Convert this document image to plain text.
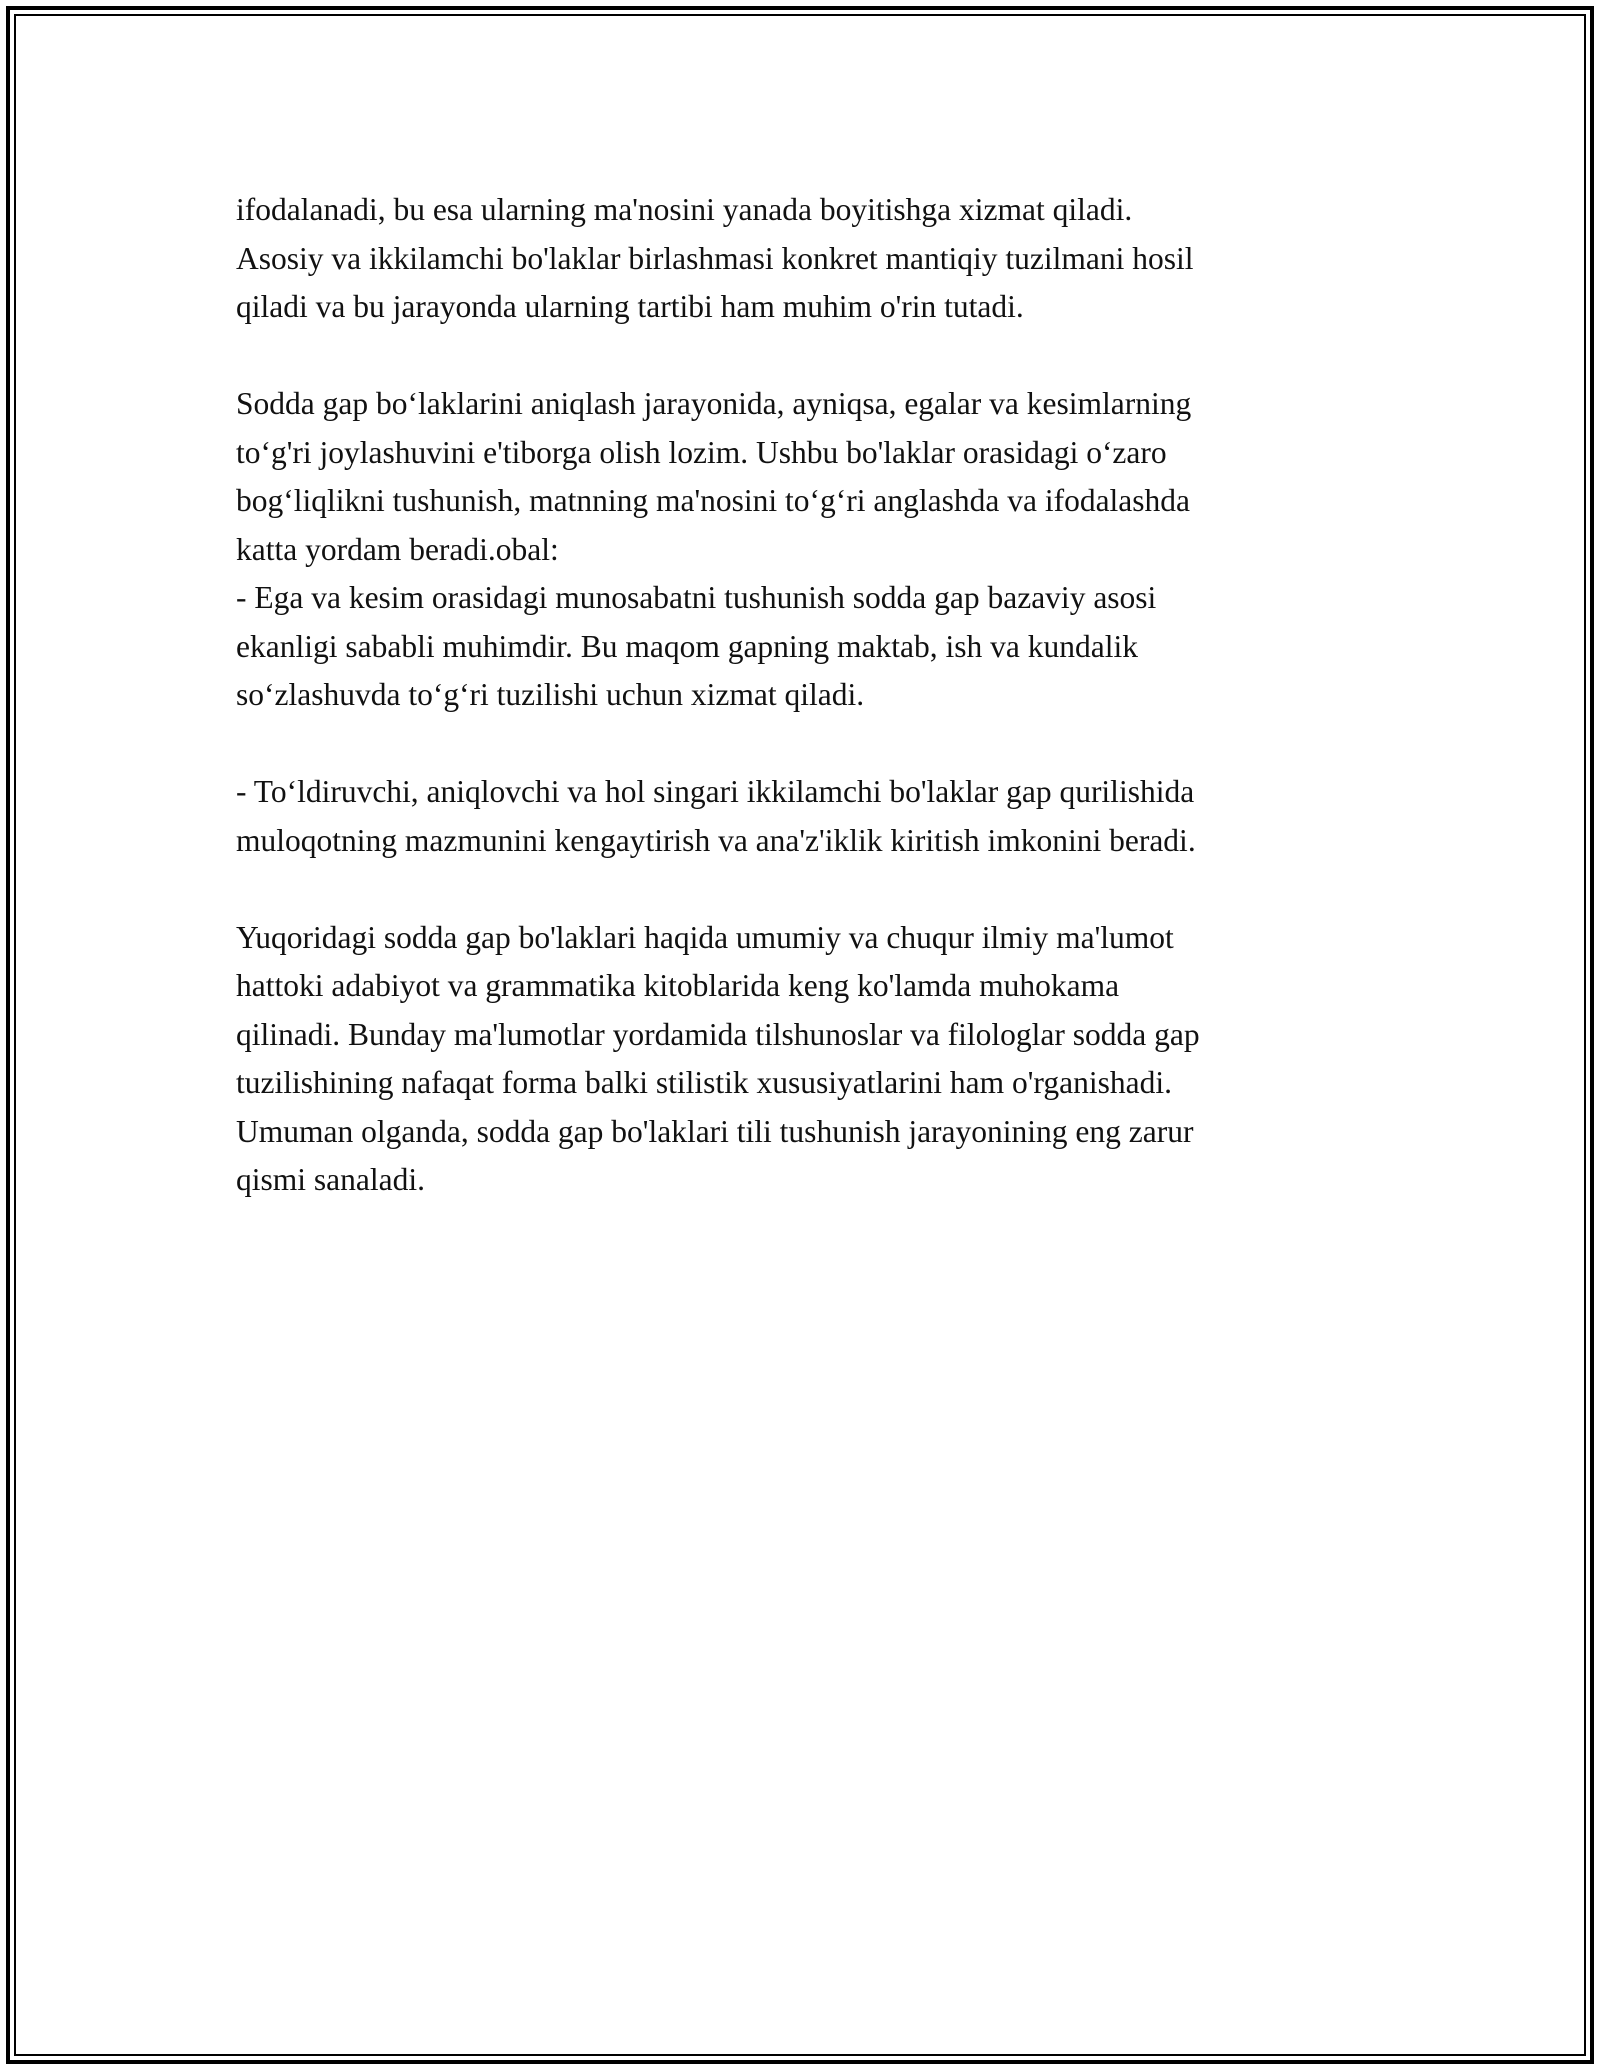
ifodalanadi, bu esa ularning ma'nosini yanada boyitishga xizmat qiladi.
Asosiy va ikkilamchi bo'laklar birlashmasi konkret mantiqiy tuzilmani hosil
qiladi va bu jarayonda ularning tartibi ham muhim o'rin tutadi.
Sodda gap bo‘laklarini aniqlash jarayonida, ayniqsa, egalar va kesimlarning
to‘g'ri joylashuvini e'tiborga olish lozim. Ushbu bo'laklar orasidagi o‘zaro
bog‘liqlikni tushunish, matnning ma'nosini to‘g‘ri anglashda va ifodalashda
katta yordam beradi.obal:
- Ega va kesim orasidagi munosabatni tushunish sodda gap bazaviy asosi
ekanligi sababli muhimdir. Bu maqom gapning maktab, ish va kundalik
so‘zlashuvda to‘g‘ri tuzilishi uchun xizmat qiladi.
- To‘ldiruvchi, aniqlovchi va hol singari ikkilamchi bo'laklar gap qurilishida
muloqotning mazmunini kengaytirish va ana'z'iklik kiritish imkonini beradi.
Yuqoridagi sodda gap bo'laklari haqida umumiy va chuqur ilmiy ma'lumot
hattoki adabiyot va grammatika kitoblarida keng ko'lamda muhokama
qilinadi. Bunday ma'lumotlar yordamida tilshunoslar va filologlar sodda gap
tuzilishining nafaqat forma balki stilistik xususiyatlarini ham o'rganishadi.
Umuman olganda, sodda gap bo'laklari tili tushunish jarayonining eng zarur
qismi sanaladi.
